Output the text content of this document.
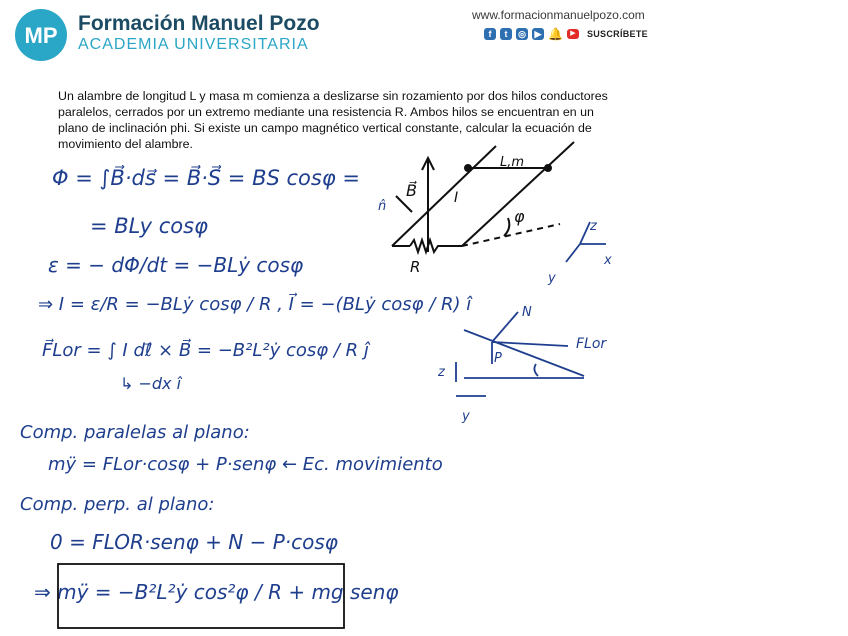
MP Formación Manuel Pozo
ACADEMIA UNIVERSITARIA
www.formacionmanuelpozo.com
f	t	◎ ▶ 🔔	▶	SUSCRÍBETE
Un alambre de longitud L y masa m comienza a deslizarse sin rozamiento por dos hilos conductores paralelos, cerrados por un extremo mediante una resistencia R. Ambos hilos se encuentran en un plano de inclinación phi. Si existe un campo magnético vertical constante, calcular la ecuación de movimiento del alambre.
Φ = ∫B⃗·ds⃗ = B⃗·S⃗ = BS cosφ =
= BLy cosφ
ε = − dΦ/dt = −BLẏ cosφ
⇒ I = ε/R = −BLẏ cosφ / R , I⃗ = −(BLẏ cosφ / R) î
F⃗Lor = ∫ I dℓ⃗ × B⃗ = −B²L²ẏ cosφ / R ĵ
↳ −dx î
Comp. paralelas al plano:
mÿ = FLor·cosφ + P·senφ ← Ec. movimiento
Comp. perp. al plano:
0 = FLOR·senφ + N − P·cosφ
⇒ mÿ = −B²L²ẏ cos²φ / R + mg senφ
B⃗
n̂
L,m
φ
R
I
z
x
y
N
P
FLor
z
y
